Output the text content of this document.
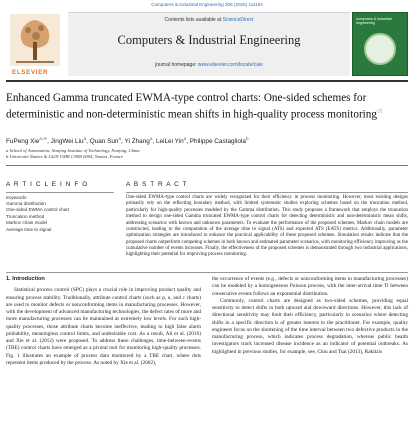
Computers & Industrial Engineering 206 (2025) 111184
ELSEVIER
Contents lists available at ScienceDirect
Computers & Industrial Engineering
journal homepage: www.elsevier.com/locate/caie
computers & industrial engineering
Enhanced Gamma truncated EWMA-type control charts: One-sided schemes for deterministic and non-deterministic mean shifts in high-quality process monitoring☆
FuPeng Xie$^{a,✉}$, JingWei Liu$^a$, Quan Sun$^a$, Yi Zhang$^a$, LeiLei Yin$^a$, Philippe Castagliola$^b$
a School of Automation, Nanjing Institute of Technology, Nanjing, China
b Université Nantes & LS2N UMR CNRS 6004, Nantes, France
A R T I C L E I N F O	A B S T R A C T
Keywords:
Gamma distribution
One-sided EWMA control chart
Truncation method
Markov chain model
Average time to signal
One-sided EWMA-type control charts are widely recognized for their efficiency in process monitoring. However, most existing designs primarily rely on the reflecting boundary method, with limited systematic studies exploring schemes based on the truncation method, particularly for high-quality processes modeled by the Gamma distribution. This study proposes a framework that employs the truncation method to design one-sided Gamma truncated EWMA-type control charts for detecting deterministic and non-deterministic mean shifts, addressing scenarios with known and unknown parameters. To evaluate the performance of the proposed schemes, Markov chain models are constructed, leading to the computation of the average time to signal (ATS) and expected ATS (EATS) metrics. Additionally, parameter optimization strategies are introduced to enhance the practical applicability of these proposed schemes. Simulation results indicate that the proposed charts outperform competing schemes in both known and estimated parameter scenarios, with monitoring efficiency improving as the cumulative number of events increases. Finally, the effectiveness of the proposed schemes is demonstrated through two industrial applications, highlighting their potential for improving process monitoring.
1. Introduction

Statistical process control (SPC) plays a crucial role in improving product quality and ensuring process stability. Traditionally, attribute control charts (such as p, u, and c charts) are used to monitor defects or nonconforming items in manufacturing processes. However, with the development of advanced manufacturing technologies, the defect rates of more and more manufacturing processes can be maintained at extremely low levels. For such high-quality processes, those attribute charts become ineffective, leading to high false alarm probability, meaningless control limits, and undesirable cost. As a result, Ali et al. (2016) and Xie et al. (2012) were proposed. To address these challenges, time-between-events (TBE) control charts have emerged as a pivotal tool for monitoring high-quality processes. Fig. 1 illustrates an example of process data monitored by a TBE chart, where dots represent items produced by the process. As noted by Xie et al. (2002),

the occurrence of events (e.g., defects or nonconforming items in manufacturing processes) can be modeled by a homogeneous Poisson process, with the inter-arrival time Ti between consecutive events follows an exponential distribution.

Commonly, control charts are designed as two-sided schemes, providing equal sensitivity to detect shifts in both upward and downward directions. However, this lack of directional sensitivity may limit their efficiency, particularly in scenarios where detecting shifts in a specific direction is of greater interest to the practitioner. For example, quality engineers focus on the shortening of the time interval between two defective products in the manufacturing process, which indicates process degradation, whereas public health investigators track increased disease incidence as an indicator of potential outbreaks. As highlighted in previous studies, for example, see, Chiu and Tsai (2013), Rakitzis
